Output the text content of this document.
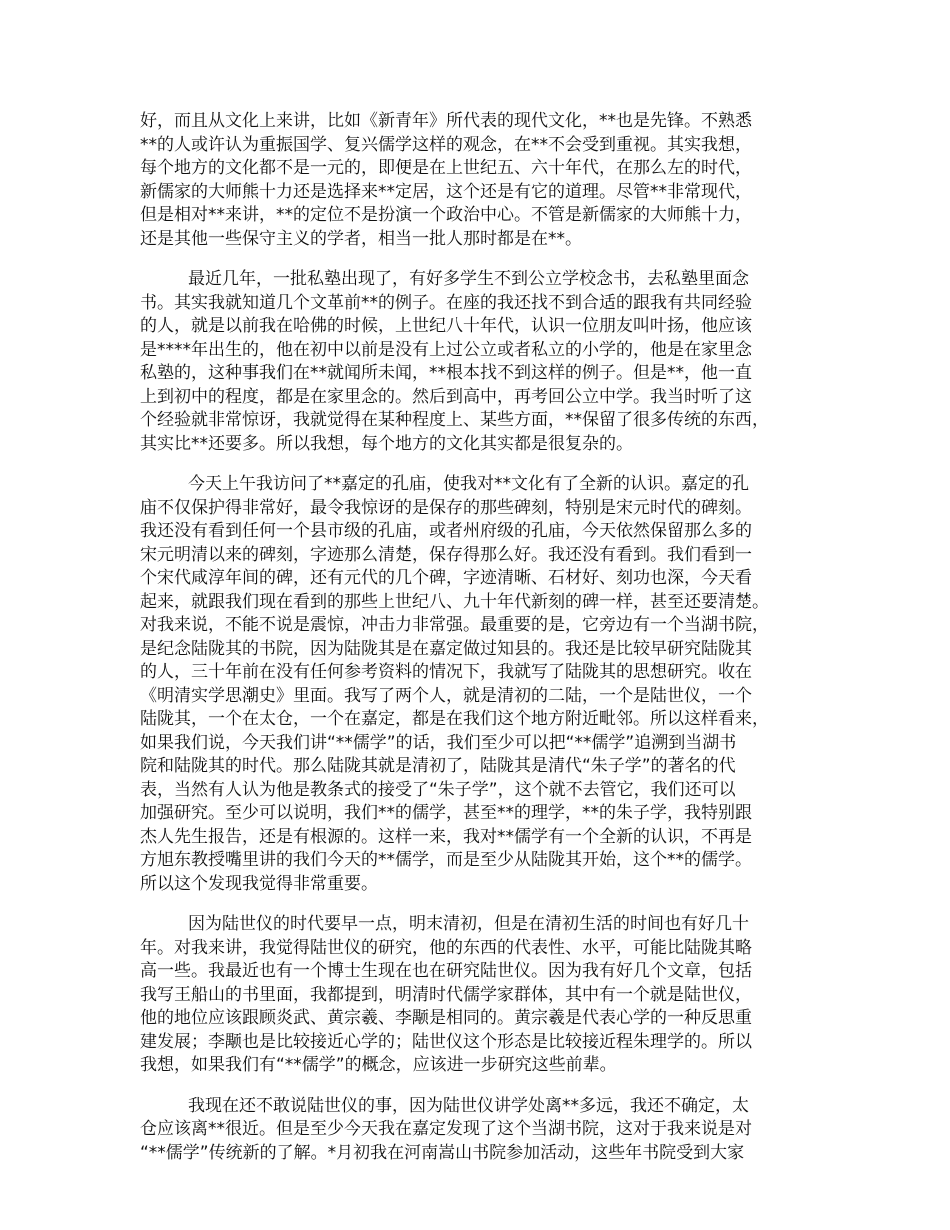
好，而且从文化上来讲，比如《新青年》所代表的现代文化，**也是先锋。不熟悉
**的人或许认为重振国学、复兴儒学这样的观念，在**不会受到重视。其实我想，
每个地方的文化都不是一元的，即便是在上世纪五、六十年代，在那么左的时代，
新儒家的大师熊十力还是选择来**定居，这个还是有它的道理。尽管**非常现代，
但是相对**来讲，**的定位不是扮演一个政治中心。不管是新儒家的大师熊十力，
还是其他一些保守主义的学者，相当一批人那时都是在**。
最近几年，一批私塾出现了，有好多学生不到公立学校念书，去私塾里面念
书。其实我就知道几个文革前**的例子。在座的我还找不到合适的跟我有共同经验
的人，就是以前我在哈佛的时候，上世纪八十年代，认识一位朋友叫叶扬，他应该
是****年出生的，他在初中以前是没有上过公立或者私立的小学的，他是在家里念
私塾的，这种事我们在**就闻所未闻，**根本找不到这样的例子。但是**，他一直
上到初中的程度，都是在家里念的。然后到高中，再考回公立中学。我当时听了这
个经验就非常惊讶，我就觉得在某种程度上、某些方面，**保留了很多传统的东西，
其实比**还要多。所以我想，每个地方的文化其实都是很复杂的。
今天上午我访问了**嘉定的孔庙，使我对**文化有了全新的认识。嘉定的孔
庙不仅保护得非常好，最令我惊讶的是保存的那些碑刻，特别是宋元时代的碑刻。
我还没有看到任何一个县市级的孔庙，或者州府级的孔庙，今天依然保留那么多的
宋元明清以来的碑刻，字迹那么清楚，保存得那么好。我还没有看到。我们看到一
个宋代咸淳年间的碑，还有元代的几个碑，字迹清晰、石材好、刻功也深，今天看
起来，就跟我们现在看到的那些上世纪八、九十年代新刻的碑一样，甚至还要清楚。
对我来说，不能不说是震惊，冲击力非常强。最重要的是，它旁边有一个当湖书院，
是纪念陆陇其的书院，因为陆陇其是在嘉定做过知县的。我还是比较早研究陆陇其
的人，三十年前在没有任何参考资料的情况下，我就写了陆陇其的思想研究。收在
《明清实学思潮史》里面。我写了两个人，就是清初的二陆，一个是陆世仪，一个
陆陇其，一个在太仓，一个在嘉定，都是在我们这个地方附近毗邻。所以这样看来，
如果我们说，今天我们讲“**儒学”的话，我们至少可以把“**儒学”追溯到当湖书
院和陆陇其的时代。那么陆陇其就是清初了，陆陇其是清代“朱子学”的著名的代
表，当然有人认为他是教条式的接受了“朱子学”，这个就不去管它，我们还可以
加强研究。至少可以说明，我们**的儒学，甚至**的理学，**的朱子学，我特别跟
杰人先生报告，还是有根源的。这样一来，我对**儒学有一个全新的认识，不再是
方旭东教授嘴里讲的我们今天的**儒学，而是至少从陆陇其开始，这个**的儒学。
所以这个发现我觉得非常重要。
因为陆世仪的时代要早一点，明末清初，但是在清初生活的时间也有好几十
年。对我来讲，我觉得陆世仪的研究，他的东西的代表性、水平，可能比陆陇其略
高一些。我最近也有一个博士生现在也在研究陆世仪。因为我有好几个文章，包括
我写王船山的书里面，我都提到，明清时代儒学家群体，其中有一个就是陆世仪，
他的地位应该跟顾炎武、黄宗羲、李颙是相同的。黄宗羲是代表心学的一种反思重
建发展；李颙也是比较接近心学的；陆世仪这个形态是比较接近程朱理学的。所以
我想，如果我们有“**儒学”的概念，应该进一步研究这些前辈。
我现在还不敢说陆世仪的事，因为陆世仪讲学处离**多远，我还不确定，太
仓应该离**很近。但是至少今天我在嘉定发现了这个当湖书院，这对于我来说是对
“**儒学”传统新的了解。*月初我在河南嵩山书院参加活动，这些年书院受到大家
